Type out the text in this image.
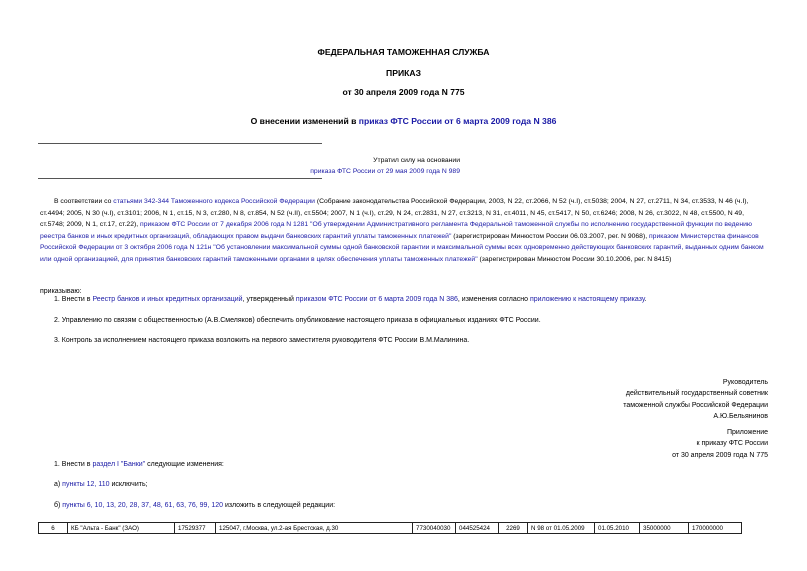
ФЕДЕРАЛЬНАЯ ТАМОЖЕННАЯ СЛУЖБА
ПРИКАЗ
от 30 апреля 2009 года N 775
О внесении изменений в приказ ФТС России от 6 марта 2009 года N 386
Утратил силу на основании
приказа ФТС России от 29 мая 2009 года N 989
В соответствии со статьями 342-344 Таможенного кодекса Российской Федерации (Собрание законодательства Российской Федерации, 2003, N 22, ст.2066, N 52 (ч.I), ст.5038; 2004, N 27, ст.2711, N 34, ст.3533, N 46 (ч.I), ст.4494; 2005, N 30 (ч.I), ст.3101; 2006, N 1, ст.15, N 3, ст.280, N 8, ст.854, N 52 (ч.II), ст.5504; 2007, N 1 (ч.I), ст.29, N 24, ст.2831, N 27, ст.3213, N 31, ст.4011, N 45, ст.5417, N 50, ст.6246; 2008, N 26, ст.3022, N 48, ст.5500, N 49, ст.5748; 2009, N 1, ст.17, ст.22), приказом ФТС России от 7 декабря 2006 года N 1281 "Об утверждении Административного регламента Федеральной таможенной службы по исполнению государственной функции по ведению реестра банков и иных кредитных организаций, обладающих правом выдачи банковских гарантий уплаты таможенных платежей" (зарегистрирован Минюстом России 06.03.2007, рег. N 9068), приказом Министерства финансов Российской Федерации от 3 октября 2006 года N 121н "Об установлении максимальной суммы одной банковской гарантии и максимальной суммы всех одновременно действующих банковских гарантий, выданных одним банком или одной организацией, для принятия банковских гарантий таможенными органами в целях обеспечения уплаты таможенных платежей" (зарегистрирован Минюстом России 30.10.2006, рег. N 8415)
приказываю:
1. Внести в Реестр банков и иных кредитных организаций, утвержденный приказом ФТС России от 6 марта 2009 года N 386, изменения согласно приложению к настоящему приказу.
2. Управлению по связям с общественностью (А.В.Смеляков) обеспечить опубликование настоящего приказа в официальных изданиях ФТС России.
3. Контроль за исполнением настоящего приказа возложить на первого заместителя руководителя ФТС России В.М.Малинина.
Руководитель
действительный государственный советник
таможенной службы Российской Федерации
А.Ю.Бельянинов
Приложение
к приказу ФТС России
от 30 апреля 2009 года N 775
1. Внести в раздел I "Банки" следующие изменения:
а) пункты 12, 110 исключить;
б) пункты 6, 10, 13, 20, 28, 37, 48, 61, 63, 76, 99, 120 изложить в следующей редакции:
6	КБ "Альта - Банк" (ЗАО)	17529377	125047, г.Москва, ул.2-ая Брестская, д.30	7730040030	044525424	2269	N 98 от 01.05.2009	01.05.2010	35000000	170000000
